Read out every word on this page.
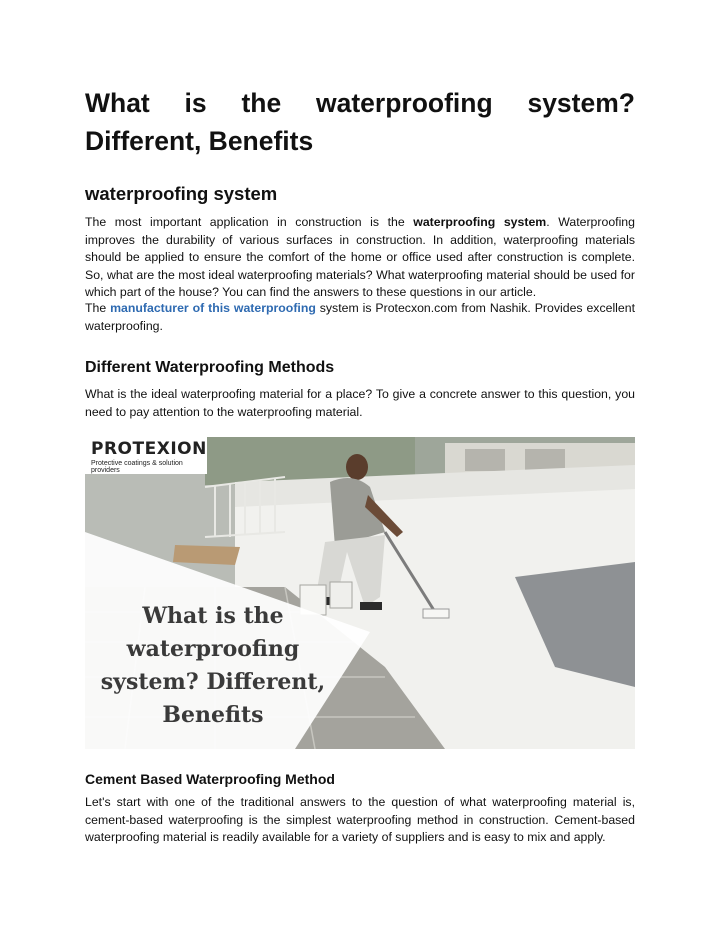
What is the waterproofing system?
Different, Benefits
waterproofing system

The most important application in construction is the waterproofing system. Waterproofing improves the durability of various surfaces in construction. In addition, waterproofing materials should be applied to ensure the comfort of the home or office used after construction is complete. So, what are the most ideal waterproofing materials? What waterproofing material should be used for which part of the house? You can find the answers to these questions in our article.

The manufacturer of this waterproofing system is Protecxon.com from Nashik. Provides excellent waterproofing.

Different Waterproofing Methods

What is the ideal waterproofing material for a place? To give a concrete answer to this question, you need to pay attention to the waterproofing material.

PROTEXION
Protective coatings & solution providers
What is the waterproofing system? Different, Benefits
Cement Based Waterproofing Method

Let's start with one of the traditional answers to the question of what waterproofing material is, cement-based waterproofing is the simplest waterproofing method in construction. Cement-based waterproofing material is readily available for a variety of suppliers and is easy to mix and apply.
